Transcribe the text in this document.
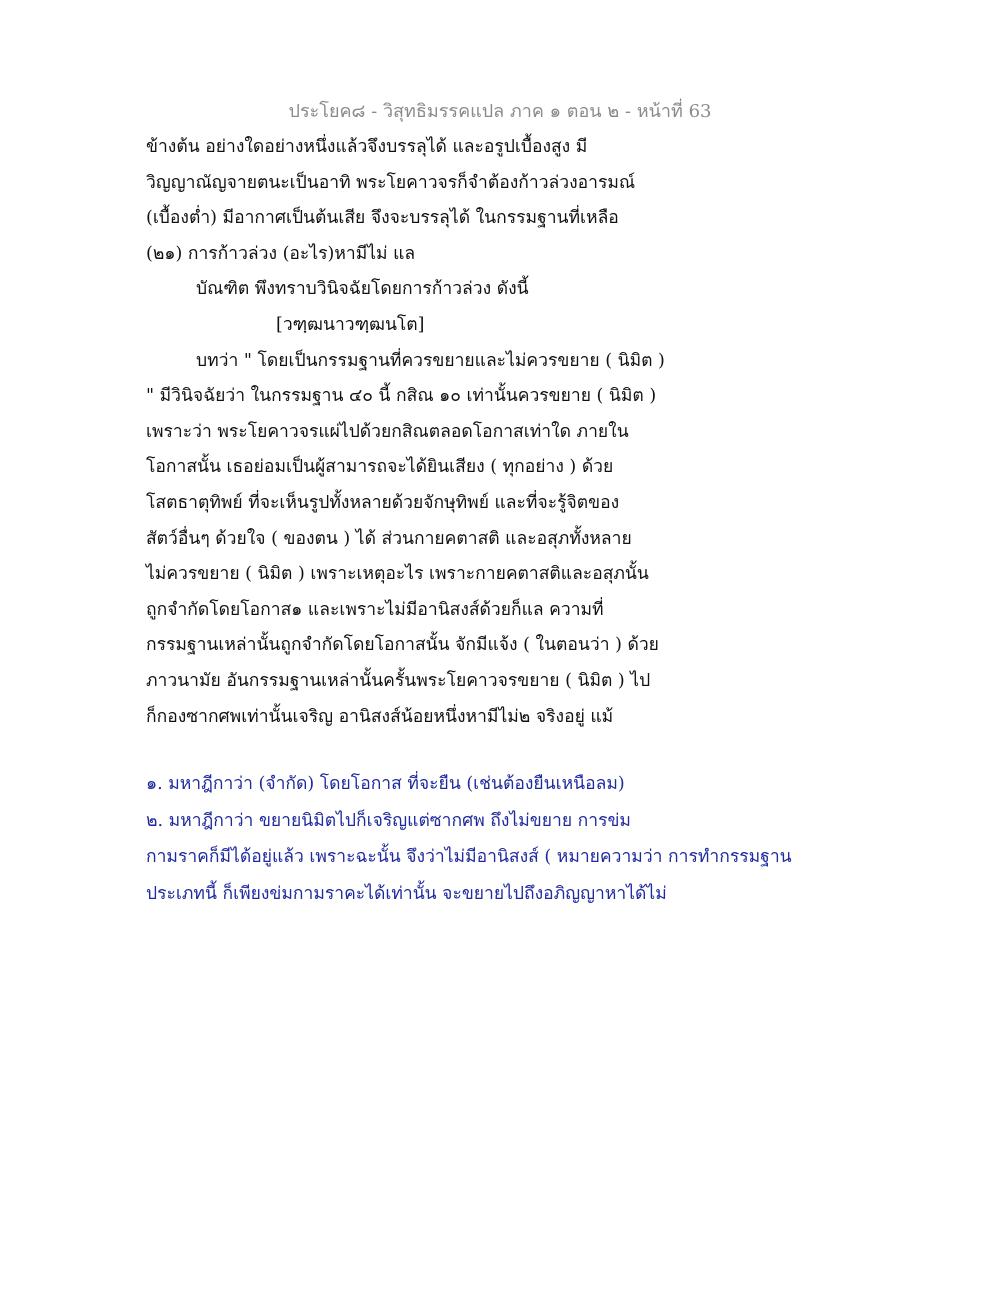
ประโยค๘ - วิสุทธิมรรคแปล ภาค ๑ ตอน ๒ - หน้าที่ 63
ข้างต้น อย่างใดอย่างหนึ่งแล้วจึงบรรลุได้ และอรูปเบื้องสูง มี
วิญญาณัญจายตนะเป็นอาทิ พระโยคาวจรก็จำต้องก้าวล่วงอารมณ์
(เบื้องต่ำ) มีอากาศเป็นต้นเสีย จึงจะบรรลุได้ ในกรรมฐานที่เหลือ
(๒๑) การก้าวล่วง (อะไร)หามีไม่ แล
บัณฑิต พึงทราบวินิจฉัยโดยการก้าวล่วง ดังนี้
[วฑฺฒนาวฑฺฒนโต]
บทว่า " โดยเป็นกรรมฐานที่ควรขยายและไม่ควรขยาย ( นิมิต )
" มีวินิจฉัยว่า ในกรรมฐาน ๔๐ นี้ กสิณ ๑๐ เท่านั้นควรขยาย ( นิมิต )
เพราะว่า พระโยคาวจรแผ่ไปด้วยกสิณตลอดโอกาสเท่าใด ภายใน
โอกาสนั้น เธอย่อมเป็นผู้สามารถจะได้ยินเสียง ( ทุกอย่าง ) ด้วย
โสตธาตุทิพย์ ที่จะเห็นรูปทั้งหลายด้วยจักษุทิพย์ และที่จะรู้จิตของ
สัตว์อื่นๆ ด้วยใจ ( ของตน ) ได้ ส่วนกายคตาสติ และอสุภทั้งหลาย
ไม่ควรขยาย ( นิมิต ) เพราะเหตุอะไร เพราะกายคตาสติและอสุภนั้น
ถูกจำกัดโดยโอกาส๑ และเพราะไม่มีอานิสงส์ด้วยก็แล ความที่
กรรมฐานเหล่านั้นถูกจำกัดโดยโอกาสนั้น จักมีแจ้ง ( ในตอนว่า ) ด้วย
ภาวนามัย อันกรรมฐานเหล่านั้นครั้นพระโยคาวจรขยาย ( นิมิต ) ไป
ก็กองซากศพเท่านั้นเจริญ อานิสงส์น้อยหนึ่งหามีไม่๒ จริงอยู่ แม้
๑. มหาฎีกาว่า (จำกัด) โดยโอกาส ที่จะยืน (เช่นต้องยืนเหนือลม)
๒. มหาฎีกาว่า ขยายนิมิตไปก็เจริญแต่ซากศพ ถึงไม่ขยาย การข่ม
กามราคก็มีได้อยู่แล้ว เพราะฉะนั้น จึงว่าไม่มีอานิสงส์ ( หมายความว่า การทำกรรมฐาน
ประเภทนี้ ก็เพียงข่มกามราคะได้เท่านั้น จะขยายไปถึงอภิญญาหาได้ไม่
